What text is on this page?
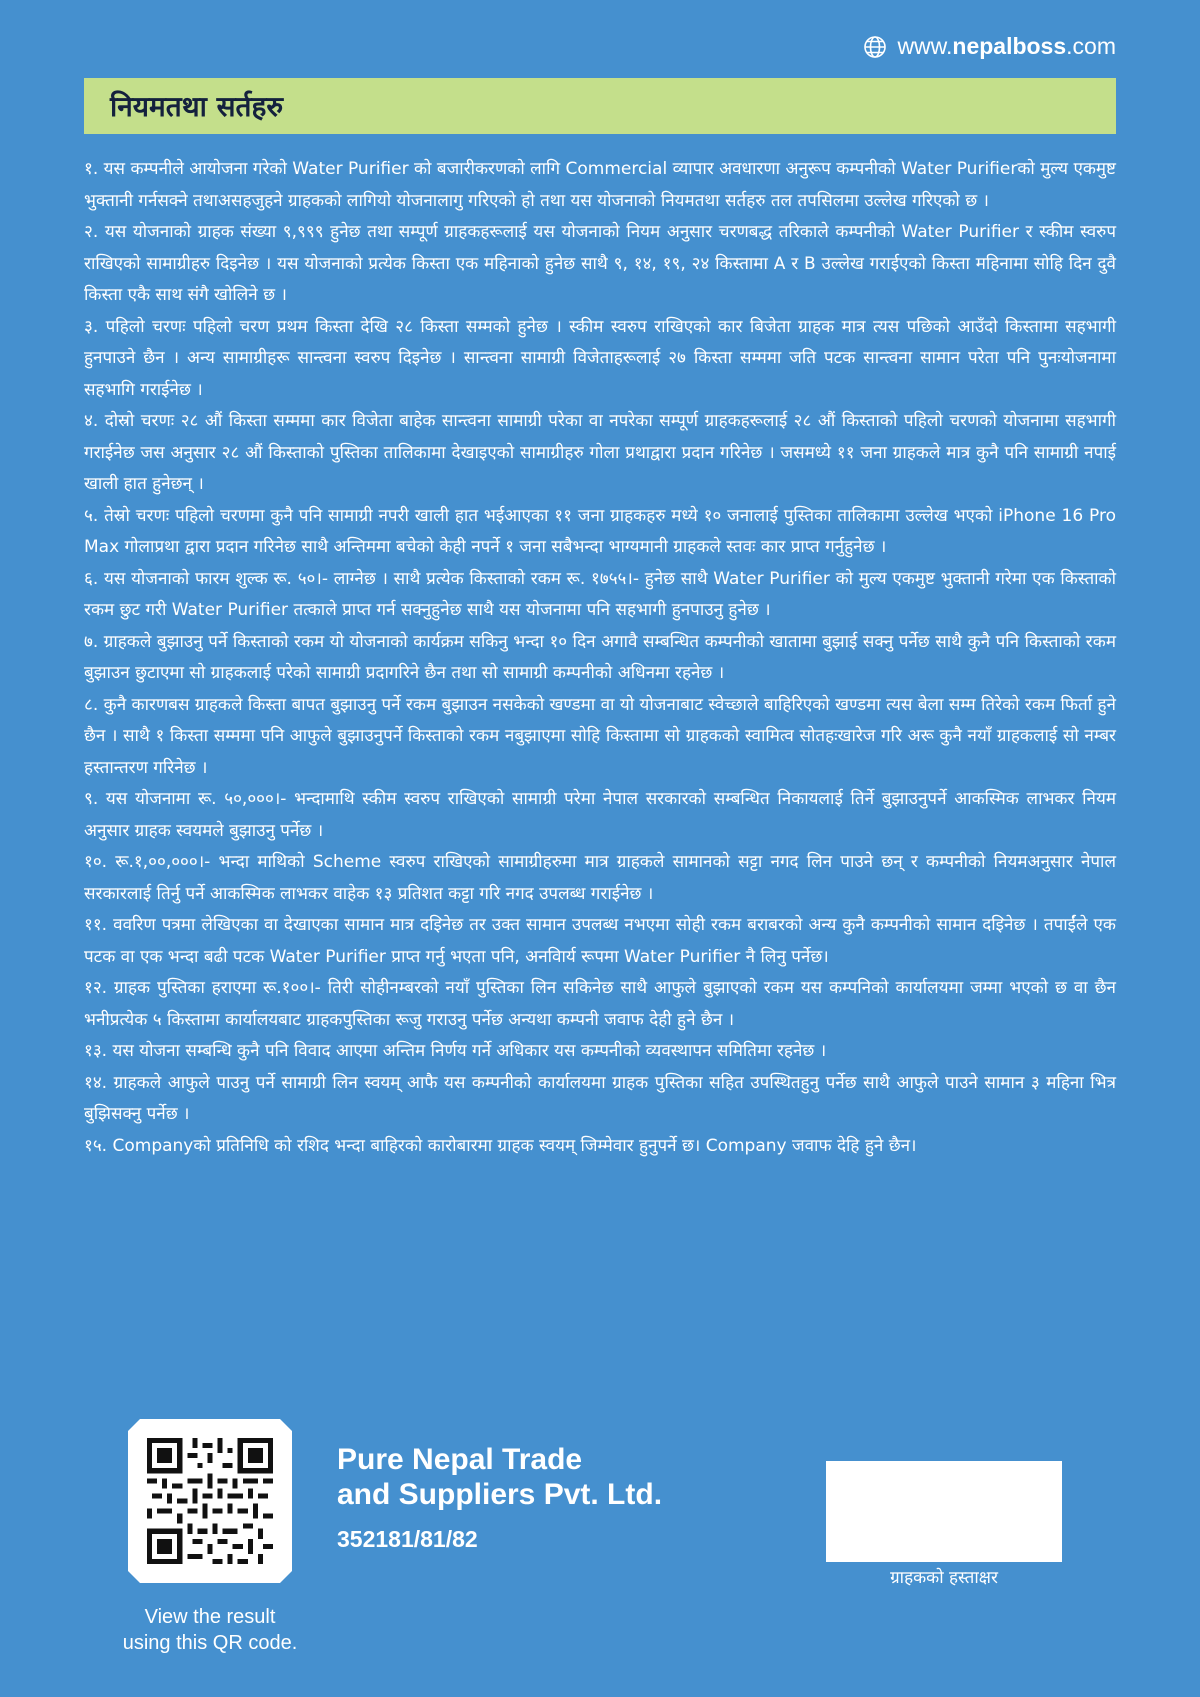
www.nepalboss.com
नियमतथा सर्तहरु
१. यस कम्पनीले आयोजना गरेको Water Purifier को बजारीकरणको लागि Commercial व्यापार अवधारणा अनुरूप कम्पनीको Water Purifierको मुल्य एकमुष्ट भुक्तानी गर्नसक्ने तथाअसहजुहने ग्राहकको लागियो योजनालागु गरिएको हो तथा यस योजनाको नियमतथा सर्तहरु तल तपसिलमा उल्लेख गरिएको छ ।
२. यस योजनाको ग्राहक संख्या ९,९९९ हुनेछ तथा सम्पूर्ण ग्राहकहरूलाई यस योजनाको नियम अनुसार चरणबद्ध तरिकाले कम्पनीको Water Purifier र स्कीम स्वरुप राखिएको सामाग्रीहरु दिइनेछ । यस योजनाको प्रत्येक किस्ता एक महिनाको हुनेछ साथै ९, १४, १९, २४ किस्तामा A र B उल्लेख गराईएको किस्ता महिनामा सोहि दिन दुवै किस्ता एकै साथ संगै खोलिने छ ।
३. पहिलो चरणः पहिलो चरण प्रथम किस्ता देखि २८ किस्ता सम्मको हुनेछ । स्कीम स्वरुप राखिएको कार बिजेता ग्राहक मात्र त्यस पछिको आउँदो किस्तामा सहभागी हुनपाउने छैन । अन्य सामाग्रीहरू सान्त्वना स्वरुप दिइनेछ । सान्त्वना सामाग्री विजेताहरूलाई २७ किस्ता सम्ममा जति पटक सान्त्वना सामान परेता पनि पुनःयोजनामा सहभागि गराईनेछ ।
४. दोस्रो चरणः २८ औं किस्ता सम्ममा कार विजेता बाहेक सान्त्वना सामाग्री परेका वा नपरेका सम्पूर्ण ग्राहकहरूलाई २८ औं किस्ताको पहिलो चरणको योजनामा सहभागी गराईनेछ जस अनुसार २८ औं किस्ताको पुस्तिका तालिकामा देखाइएको सामाग्रीहरु गोला प्रथाद्वारा प्रदान गरिनेछ । जसमध्ये ११ जना ग्राहकले मात्र कुनै पनि सामाग्री नपाई खाली हात हुनेछन् ।
५. तेस्रो चरणः पहिलो चरणमा कुनै पनि सामाग्री नपरी खाली हात भईआएका ११ जना ग्राहकहरु मध्ये १० जनालाई पुस्तिका तालिकामा उल्लेख भएको iPhone 16 Pro Max गोलाप्रथा द्वारा प्रदान गरिनेछ साथै अन्तिममा बचेको केही नपर्ने १ जना सबैभन्दा भाग्यमानी ग्राहकले स्तवः कार प्राप्त गर्नुहुनेछ ।
६. यस योजनाको फारम शुल्क रू. ५०।- लाग्नेछ । साथै प्रत्येक किस्ताको रकम रू. १७५५।- हुनेछ साथै Water Purifier को मुल्य एकमुष्ट भुक्तानी गरेमा एक किस्ताको रकम छुट गरी Water Purifier तत्काले प्राप्त गर्न सक्नुहुनेछ साथै यस योजनामा पनि सहभागी हुनपाउनु हुनेछ ।
७. ग्राहकले बुझाउनु पर्ने किस्ताको रकम यो योजनाको कार्यक्रम सकिनु भन्दा १० दिन अगावै सम्बन्धित कम्पनीको खातामा बुझाई सक्नु पर्नेछ साथै कुनै पनि किस्ताको रकम बुझाउन छुटाएमा सो ग्राहकलाई परेको सामाग्री प्रदागरिने छैन तथा सो सामाग्री कम्पनीको अधिनमा रहनेछ ।
८. कुनै कारणबस ग्राहकले किस्ता बापत बुझाउनु पर्ने रकम बुझाउन नसकेको खण्डमा वा यो योजनाबाट स्वेच्छाले बाहिरिएको खण्डमा त्यस बेला सम्म तिरेको रकम फिर्ता हुने छैन । साथै १ किस्ता सम्ममा पनि आफुले बुझाउनुपर्ने किस्ताको रकम नबुझाएमा सोहि किस्तामा सो ग्राहकको स्वामित्व सोतहःखारेज गरि अरू कुनै नयाँ ग्राहकलाई सो नम्बर हस्तान्तरण गरिनेछ ।
९. यस योजनामा रू. ५०,०००।- भन्दामाथि स्कीम स्वरुप राखिएको सामाग्री परेमा नेपाल सरकारको सम्बन्धित निकायलाई तिर्ने बुझाउनुपर्ने आकस्मिक लाभकर नियम अनुसार ग्राहक स्वयमले बुझाउनु पर्नेछ ।
१०. रू.१,००,०००।- भन्दा माथिको Scheme स्वरुप राखिएको सामाग्रीहरुमा मात्र ग्राहकले सामानको सट्टा नगद लिन पाउने छन् र कम्पनीको नियमअनुसार नेपाल सरकारलाई तिर्नु पर्ने आकस्मिक लाभकर वाहेक १३ प्रतिशत कट्टा गरि नगद उपलब्ध गराईनेछ ।
११. ववरिण पत्रमा लेखिएका वा देखाएका सामान मात्र दइिनेछ तर उक्त सामान उपलब्ध नभएमा सोही रकम बराबरको अन्य कुनै कम्पनीको सामान दइिनेछ । तपाईंले एक पटक वा एक भन्दा बढी पटक Water Purifier प्राप्त गर्नु भएता पनि, अनविार्य रूपमा Water Purifier नै लिनु पर्नेछ।
१२. ग्राहक पुस्तिका हराएमा रू.१००।- तिरी सोहीनम्बरको नयाँ पुस्तिका लिन सकिनेछ साथै आफुले बुझाएको रकम यस कम्पनिको कार्यालयमा जम्मा भएको छ वा छैन भनीप्रत्येक ५ किस्तामा कार्यालयबाट ग्राहकपुस्तिका रूजु गराउनु पर्नेछ अन्यथा कम्पनी जवाफ देही हुने छैन ।
१३. यस योजना सम्बन्धि कुनै पनि विवाद आएमा अन्तिम निर्णय गर्ने अधिकार यस कम्पनीको व्यवस्थापन समितिमा रहनेछ ।
१४. ग्राहकले आफुले पाउनु पर्ने सामाग्री लिन स्वयम् आफै यस कम्पनीको कार्यालयमा ग्राहक पुस्तिका सहित उपस्थितहुनु पर्नेछ साथै आफुले पाउने सामान ३ महिना भित्र बुझिसक्नु पर्नेछ ।
१५. Companyको प्रतिनिधि को रशिद भन्दा बाहिरको कारोबारमा ग्राहक स्वयम् जिम्मेवार हुनुपर्ने छ। Company जवाफ देहि हुने छैन।
View the result
using this QR code.
Pure Nepal Trade
and Suppliers Pvt. Ltd.
352181/81/82
ग्राहकको हस्ताक्षर
